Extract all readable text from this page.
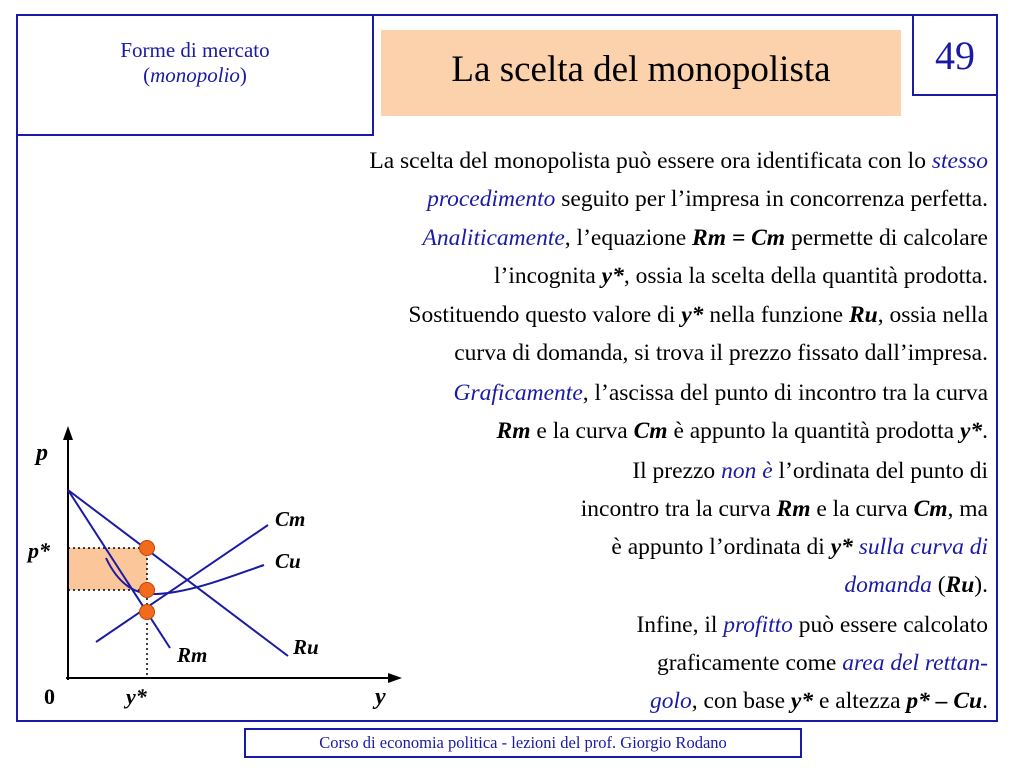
Forme di mercato
(monopolio)	La scelta del monopolista	49
La scelta del monopolista può essere ora identificata con lo stesso
procedimento seguito per l’impresa in concorrenza perfetta.
Analiticamente, l’equazione Rm = Cm permette di calcolare
l’incognita y*, ossia la scelta della quantità prodotta.
Sostituendo questo valore di y* nella funzione Ru, ossia nella
curva di domanda, si trova il prezzo fissato dall’impresa.
Graficamente, l’ascissa del punto di incontro tra la curva
Rm e la curva Cm è appunto la quantità prodotta y*.
Il prezzo non è l’ordinata del punto di
incontro tra la curva Rm e la curva Cm, ma
è appunto l’ordinata di y* sulla curva di
domanda (Ru).
Infine, il profitto può essere calcolato
graficamente come area del rettan-
golo, con base y* e altezza p* – Cu.
p
y
0
p*
y*
Cm
Cu
Rm	Ru
Corso di economia politica - lezioni del prof. Giorgio Rodano
